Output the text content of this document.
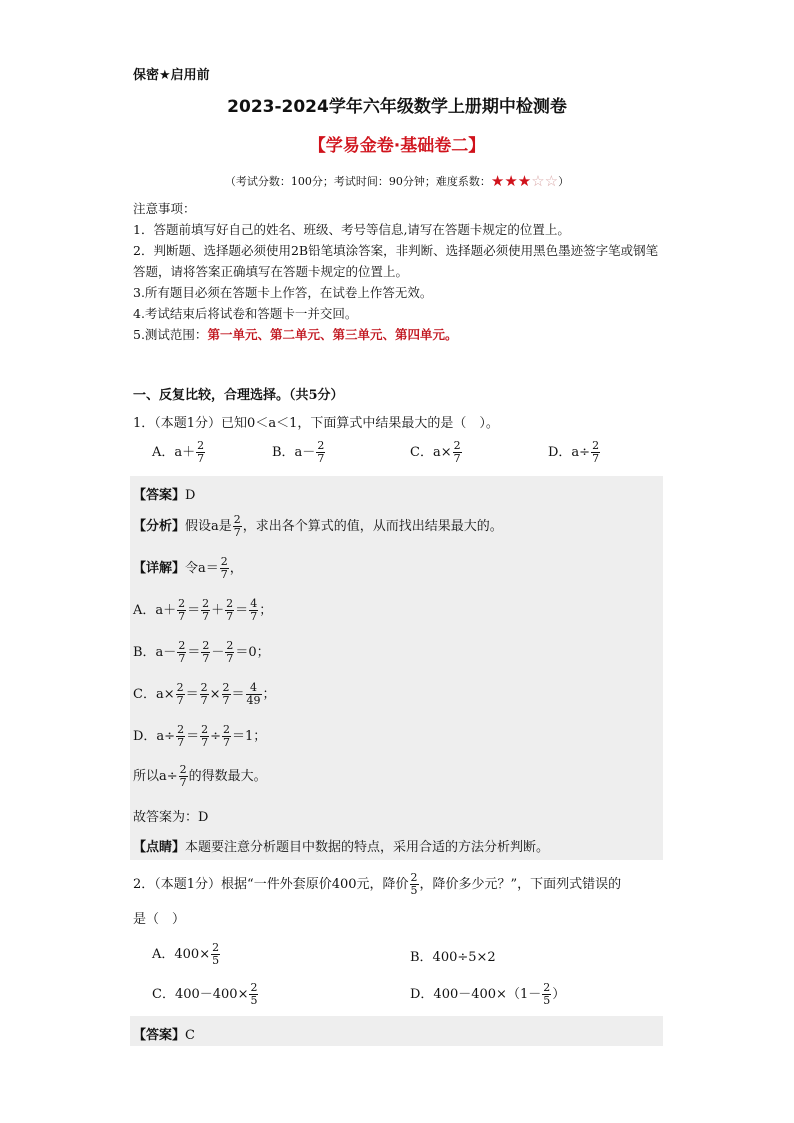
保密★启用前
2023-2024学年六年级数学上册期中检测卷
【学易金卷·基础卷二】
（考试分数：100分；考试时间：90分钟；难度系数：★★★☆☆）

注意事项：

1．答题前填写好自己的姓名、班级、考号等信息,请写在答题卡规定的位置上。

2．判断题、选择题必须使用2B铅笔填涂答案，非判断、选择题必须使用黑色墨迹签字笔或钢笔答题，请将答案正确填写在答题卡规定的位置上。

3.所有题目必须在答题卡上作答，在试卷上作答无效。

4.考试结束后将试卷和答题卡一并交回。

5.测试范围：第一单元、第二单元、第三单元、第四单元。

一、反复比较，合理选择。（共5分）
1．（本题1分）已知0＜a＜1，下面算式中结果最大的是（　）。
A．$a+ \frac{2}{7}$	B．$a- \frac{2}{7}$	C．$a\times \frac{2}{7}$	D．$a\div \frac{2}{7}$
【答案】D
【分析】假设a是 $\frac{2}{7}$ ，求出各个算式的值，从而找出结果最大的。
【详解】令$a= \frac{2}{7}$ ，
A．$a+ \frac{2}{7} = \frac{2}{7} + \frac{2}{7} = \frac{4}{7}$ ；
B．$a- \frac{2}{7} = \frac{2}{7} - \frac{2}{7} =0$；
C．$a\times \frac{2}{7} = \frac{2}{7} \times \frac{2}{7} = \frac{4}{49}$ ；
D．$a\div \frac{2}{7} = \frac{2}{7} \div \frac{2}{7} =1$；
所以$a\div \frac{2}{7}$ 的得数最大。
故答案为：D
【点睛】本题要注意分析题目中数据的特点，采用合适的方法分析判断。
2．（本题1分）根据“一件外套原价400元，降价 $\frac{2}{5}$ ，降价多少元？”，下面列式错误的
是（　）
A．$400\times \frac{2}{5}$	B．400÷5×2
C．$400-400\times \frac{2}{5}$	D．$400-400\times(1- \frac{2}{5}$ ）
【答案】C
